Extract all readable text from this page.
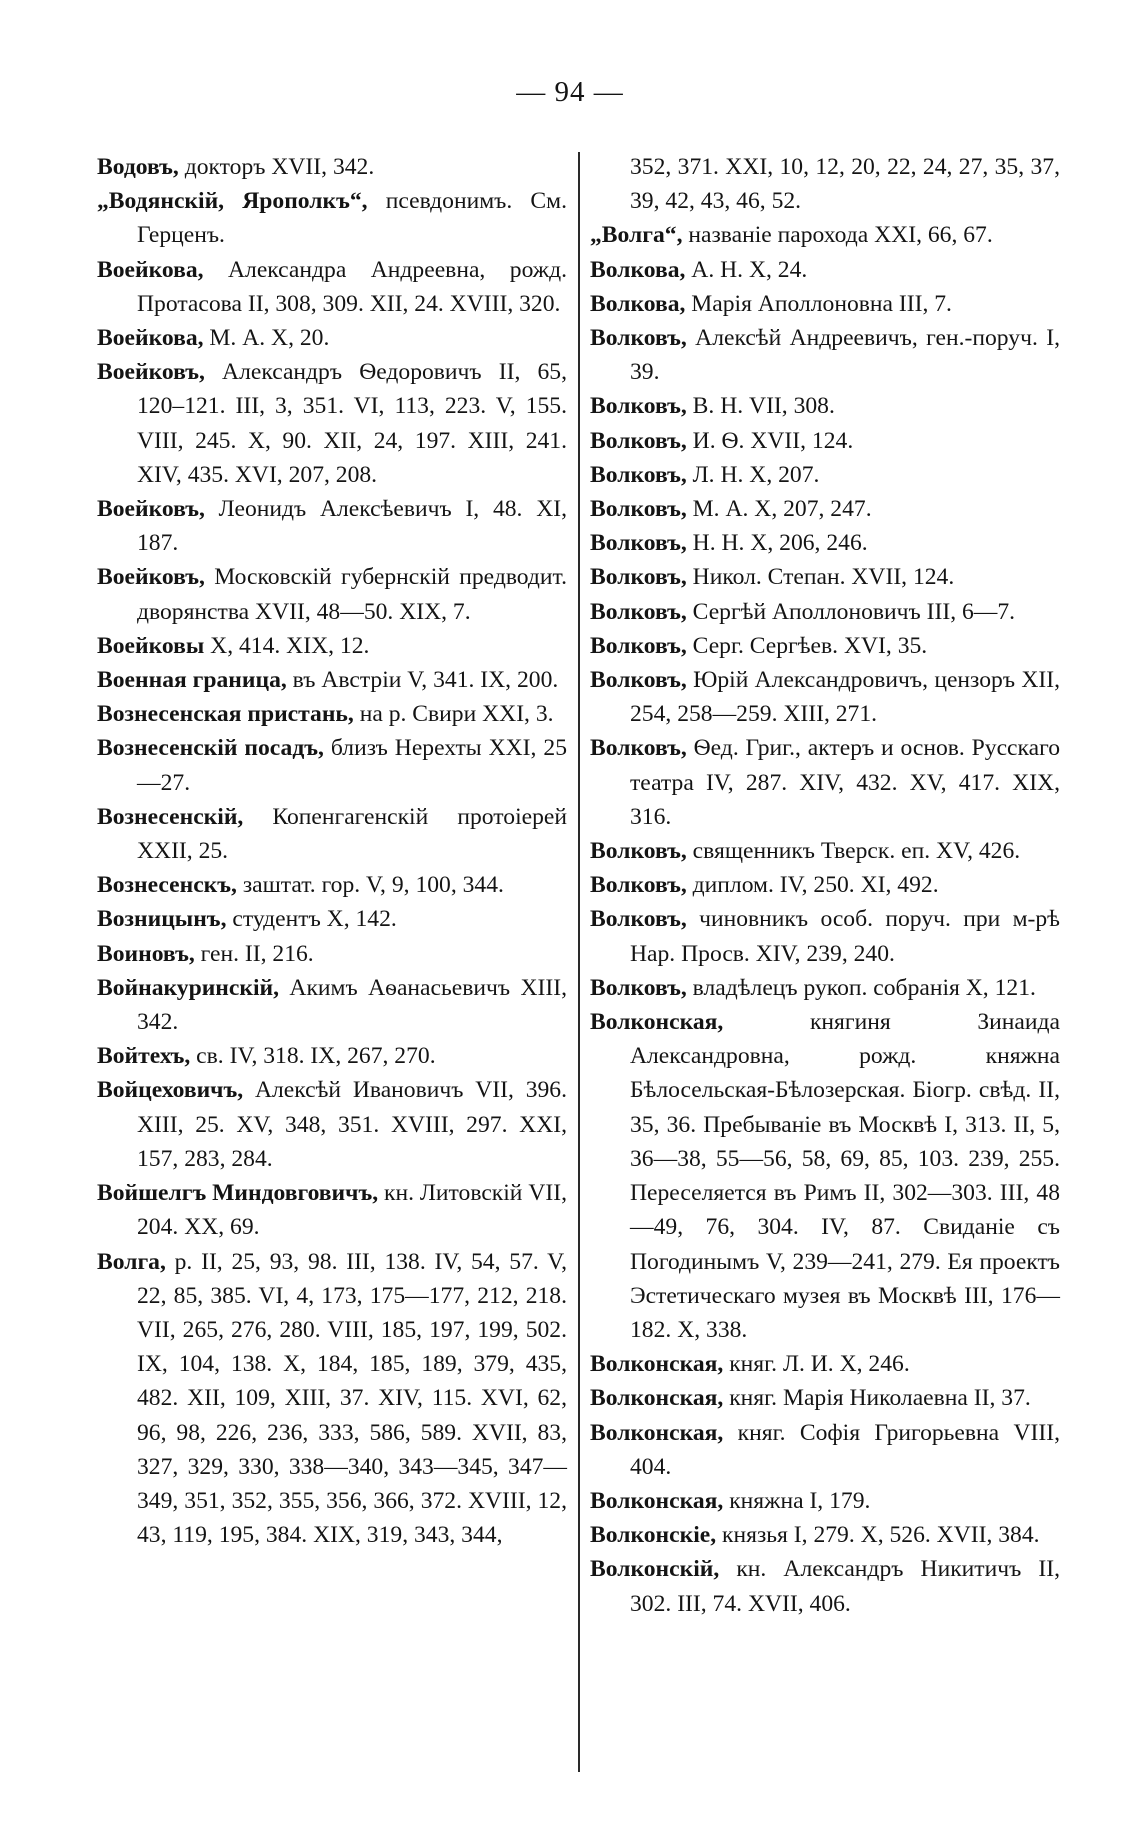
— 94 —
Водовъ, докторъ XVII, 342.
„Водянскій, Ярополкъ“, псевдонимъ. См. Герценъ.
Воейкова, Александра Андреевна, рожд. Протасова II, 308, 309. XII, 24. XVIII, 320.
Воейкова, М. А. X, 20.
Воейковъ, Александръ Ѳедоровичъ II, 65, 120–121. III, 3, 351. VI, 113, 223. V, 155. VIII, 245. X, 90. XII, 24, 197. XIII, 241. XIV, 435. XVI, 207, 208.
Воейковъ, Леонидъ Алексѣевичъ I, 48. XI, 187.
Воейковъ, Московскій губернскій предводит. дворянства XVII, 48—50. XIX, 7.
Воейковы X, 414. XIX, 12.
Военная граница, въ Австріи V, 341. IX, 200.
Вознесенская пристань, на р. Свири XXI, 3.
Вознесенскій посадъ, близъ Нерехты XXI, 25—27.
Вознесенскій, Копенгагенскій протоіерей XXII, 25.
Вознесенскъ, заштат. гор. V, 9, 100, 344.
Возницынъ, студентъ X, 142.
Воиновъ, ген. II, 216.
Войнакуринскій, Акимъ Аѳанасьевичъ XIII, 342.
Войтехъ, св. IV, 318. IX, 267, 270.
Войцеховичъ, Алексѣй Ивановичъ VII, 396. XIII, 25. XV, 348, 351. XVIII, 297. XXI, 157, 283, 284.
Войшелгъ Миндовговичъ, кн. Литовскій VII, 204. XX, 69.
Волга, р. II, 25, 93, 98. III, 138. IV, 54, 57. V, 22, 85, 385. VI, 4, 173, 175—177, 212, 218. VII, 265, 276, 280. VIII, 185, 197, 199, 502. IX, 104, 138. X, 184, 185, 189, 379, 435, 482. XII, 109, XIII, 37. XIV, 115. XVI, 62, 96, 98, 226, 236, 333, 586, 589. XVII, 83, 327, 329, 330, 338—340, 343—345, 347—349, 351, 352, 355, 356, 366, 372. XVIII, 12, 43, 119, 195, 384. XIX, 319, 343, 344,
352, 371. XXI, 10, 12, 20, 22, 24, 27, 35, 37, 39, 42, 43, 46, 52.
„Волга“, названіе парохода XXI, 66, 67.
Волкова, А. Н. X, 24.
Волкова, Марія Аполлоновна III, 7.
Волковъ, Алексѣй Андреевичъ, ген.-поруч. I, 39.
Волковъ, В. Н. VII, 308.
Волковъ, И. Ѳ. XVII, 124.
Волковъ, Л. Н. X, 207.
Волковъ, М. А. X, 207, 247.
Волковъ, Н. Н. X, 206, 246.
Волковъ, Никол. Степан. XVII, 124.
Волковъ, Сергѣй Аполлоновичъ III, 6—7.
Волковъ, Серг. Сергѣев. XVI, 35.
Волковъ, Юрій Александровичъ, цензоръ XII, 254, 258—259. XIII, 271.
Волковъ, Ѳед. Григ., актеръ и основ. Русскаго театра IV, 287. XIV, 432. XV, 417. XIX, 316.
Волковъ, священникъ Тверск. еп. XV, 426.
Волковъ, диплом. IV, 250. XI, 492.
Волковъ, чиновникъ особ. поруч. при м-рѣ Нар. Просв. XIV, 239, 240.
Волковъ, владѣлецъ рукоп. собранія X, 121.
Волконская, княгиня Зинаида Александровна, рожд. княжна Бѣлосельская-Бѣлозерская. Біогр. свѣд. II, 35, 36. Пребываніе въ Москвѣ I, 313. II, 5, 36—38, 55—56, 58, 69, 85, 103. 239, 255. Переселяется въ Римъ II, 302—303. III, 48—49, 76, 304. IV, 87. Свиданіе съ Погодинымъ V, 239—241, 279. Ея проектъ Эстетическаго музея въ Москвѣ III, 176—182. X, 338.
Волконская, княг. Л. И. X, 246.
Волконская, княг. Марія Николаевна II, 37.
Волконская, княг. Софія Григорьевна VIII, 404.
Волконская, княжна I, 179.
Волконскіе, князья I, 279. X, 526. XVII, 384.
Волконскій, кн. Александръ Никитичъ II, 302. III, 74. XVII, 406.
